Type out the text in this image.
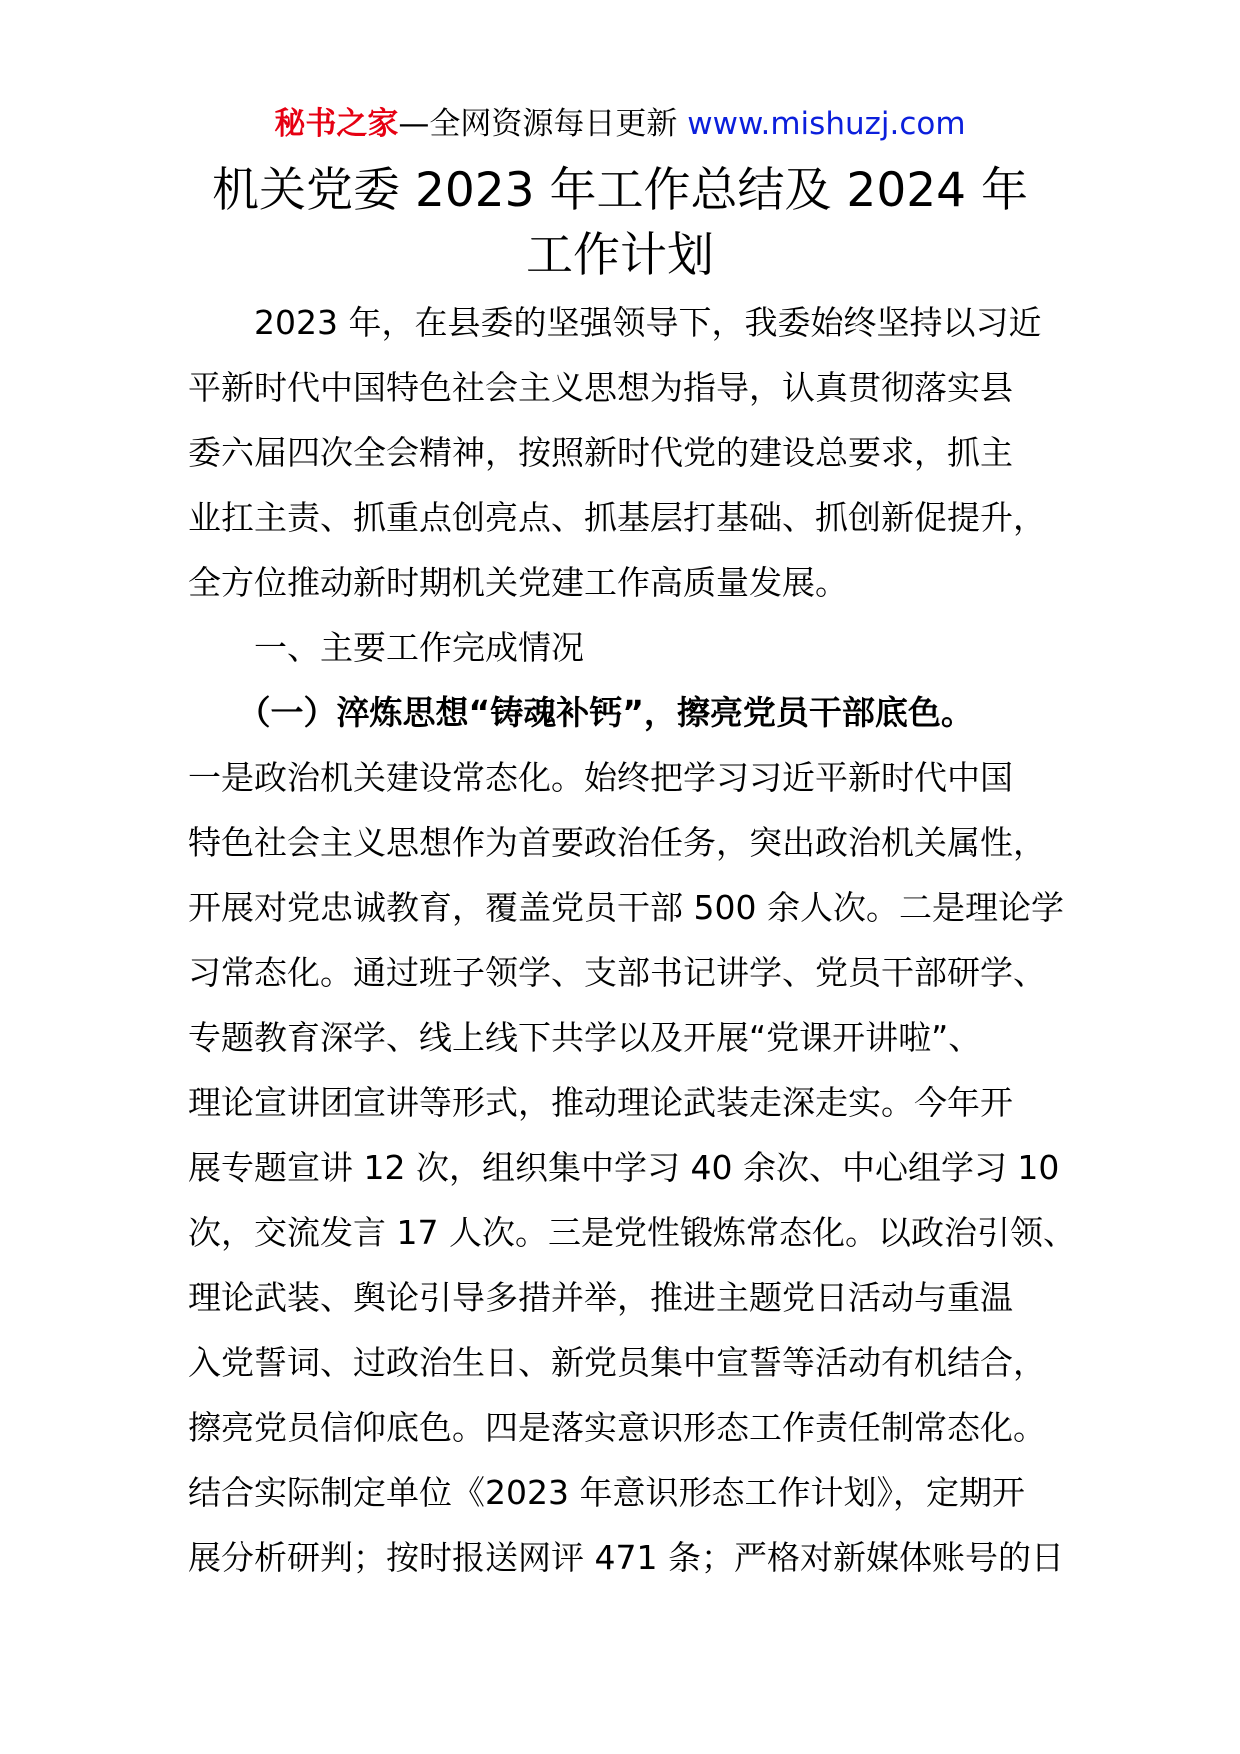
秘书之家—全网资源每日更新 www.mishuzj.com
机关党委 2023 年工作总结及 2024 年
工作计划
　　2023 年，在县委的坚强领导下，我委始终坚持以习近
平新时代中国特色社会主义思想为指导，认真贯彻落实县
委六届四次全会精神，按照新时代党的建设总要求，抓主
业扛主责、抓重点创亮点、抓基层打基础、抓创新促提升，
全方位推动新时期机关党建工作高质量发展。
　　一、主要工作完成情况
　　（一）淬炼思想“铸魂补钙”，擦亮党员干部底色。
一是政治机关建设常态化。始终把学习习近平新时代中国
特色社会主义思想作为首要政治任务，突出政治机关属性，
开展对党忠诚教育，覆盖党员干部 500 余人次。二是理论学
习常态化。通过班子领学、支部书记讲学、党员干部研学、
专题教育深学、线上线下共学以及开展“党课开讲啦”、
理论宣讲团宣讲等形式，推动理论武装走深走实。今年开
展专题宣讲 12 次，组织集中学习 40 余次、中心组学习 10
次，交流发言 17 人次。三是党性锻炼常态化。以政治引领、
理论武装、舆论引导多措并举，推进主题党日活动与重温
入党誓词、过政治生日、新党员集中宣誓等活动有机结合，
擦亮党员信仰底色。四是落实意识形态工作责任制常态化。
结合实际制定单位《2023 年意识形态工作计划》，定期开
展分析研判；按时报送网评 471 条；严格对新媒体账号的日
